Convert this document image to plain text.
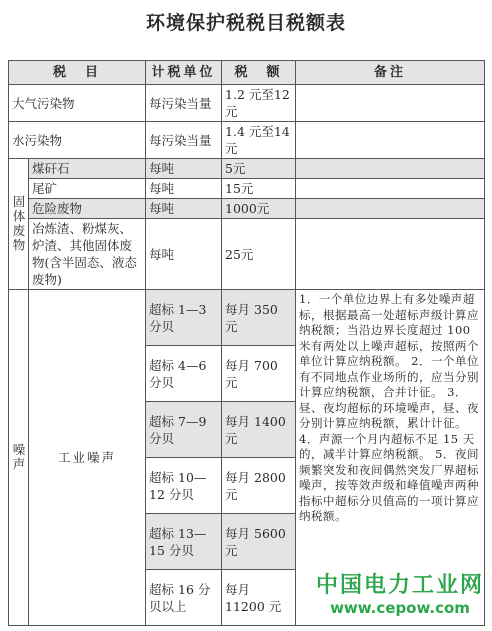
环境保护税税目税额表
税　目		计税单位	税　额	备注
大气污染物		每污染当量	1.2 元至12元	
水污染物		每污染当量	1.4 元至14元	
固体废物	煤矸石	每吨	5元	
	尾矿	每吨	15元	
	危险废物	每吨	1000元	
	冶炼渣、粉煤灰、炉渣、其他固体废物(含半固态、液态废物)	每吨	25元	
噪声	工业噪声	超标 1—3 分贝	每月 350 元	1．一个单位边界上有多处噪声超标，根据最高一处超标声级计算应纳税额；当沿边界长度超过 100 米有两处以上噪声超标，按照两个单位计算应纳税额。 2．一个单位有不同地点作业场所的，应当分别计算应纳税额，合并计征。 3．昼、夜均超标的环境噪声，昼、夜分别计算应纳税额，累计计征。 4．声源一个月内超标不足 15 天的，减半计算应纳税额。 5．夜间频繁突发和夜间偶然突发厂界超标噪声，按等效声级和峰值噪声两种指标中超标分贝值高的一项计算应纳税额。
		超标 4—6 分贝	每月 700 元	
		超标 7—9 分贝	每月 1400 元	
		超标 10—12 分贝	每月 2800 元	
		超标 13—15 分贝	每月 5600 元	
		超标 16 分贝以上	每月 11200 元	
中国电力工业网
www.cepow.com
